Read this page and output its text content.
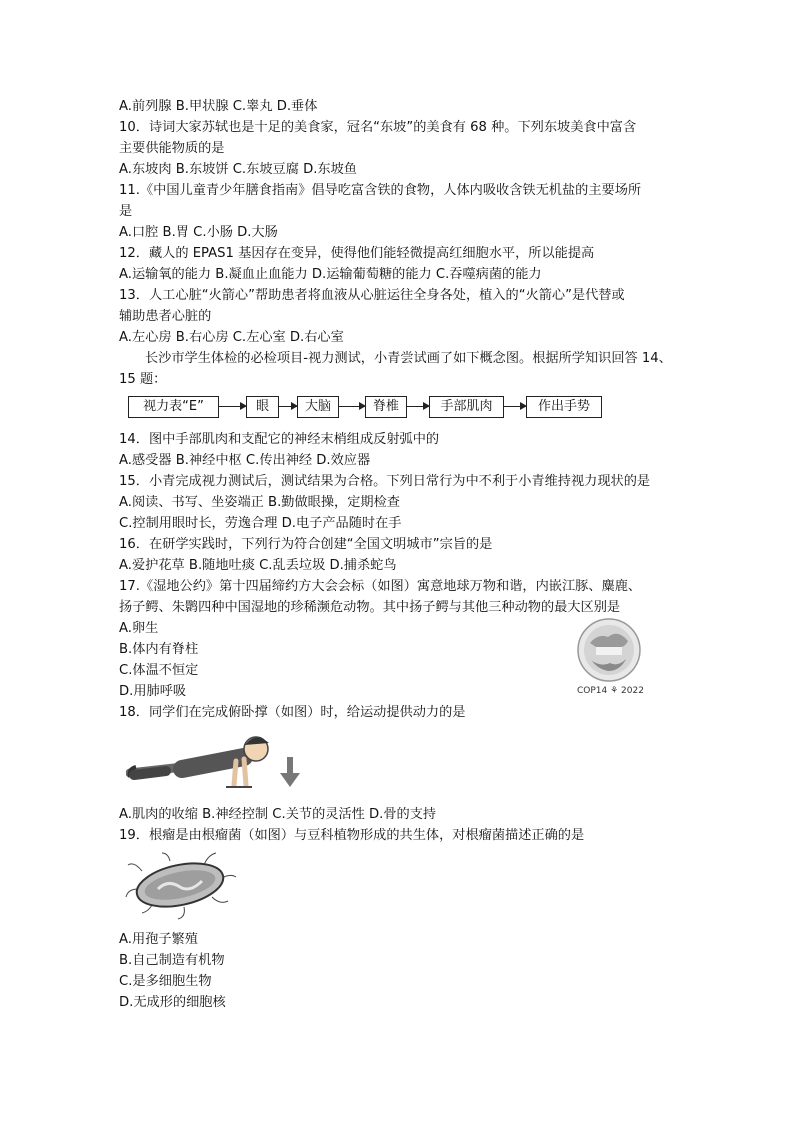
A.前列腺 B.甲状腺 C.睾丸 D.垂体
10．诗词大家苏轼也是十足的美食家，冠名“东坡”的美食有 68 种。下列东坡美食中富含
主要供能物质的是
A.东坡肉 B.东坡饼 C.东坡豆腐 D.东坡鱼
11.《中国儿童青少年膳食指南》倡导吃富含铁的食物，人体内吸收含铁无机盐的主要场所
是
A.口腔 B.胃 C.小肠 D.大肠
12．藏人的 EPAS1 基因存在变异，使得他们能轻微提高红细胞水平，所以能提高
A.运输氧的能力 B.凝血止血能力 D.运输葡萄糖的能力 C.吞噬病菌的能力
13．人工心脏“火箭心”帮助患者将血液从心脏运往全身各处，植入的“火箭心”是代替或
辅助患者心脏的
A.左心房 B.右心房 C.左心室 D.右心室
长沙市学生体检的必检项目-视力测试，小青尝试画了如下概念图。根据所学知识回答 14、
15 题：
视力表“E”	眼	大脑	脊椎	手部肌肉	作出手势
14．图中手部肌肉和支配它的神经末梢组成反射弧中的
A.感受器 B.神经中枢 C.传出神经 D.效应器
15．小青完成视力测试后，测试结果为合格。下列日常行为中不利于小青维持视力现状的是
A.阅读、书写、坐姿端正 B.勤做眼操，定期检查
C.控制用眼时长，劳逸合理 D.电子产品随时在手
16．在研学实践时，下列行为符合创建“全国文明城市”宗旨的是
A.爱护花草 B.随地吐痰 C.乱丢垃圾 D.捕杀蛇鸟
17.《湿地公约》第十四届缔约方大会会标（如图）寓意地球万物和谐，内嵌江豚、麋鹿、
扬子鳄、朱鹮四种中国湿地的珍稀濒危动物。其中扬子鳄与其他三种动物的最大区别是
A.卵生
B.体内有脊柱
C.体温不恒定
D.用肺呼吸	COP14 ⚘ 2022
18．同学们在完成俯卧撑（如图）时，给运动提供动力的是
A.肌肉的收缩 B.神经控制 C.关节的灵活性 D.骨的支持
19．根瘤是由根瘤菌（如图）与豆科植物形成的共生体，对根瘤菌描述正确的是
A.用孢子繁殖
B.自己制造有机物
C.是多细胞生物
D.无成形的细胞核
